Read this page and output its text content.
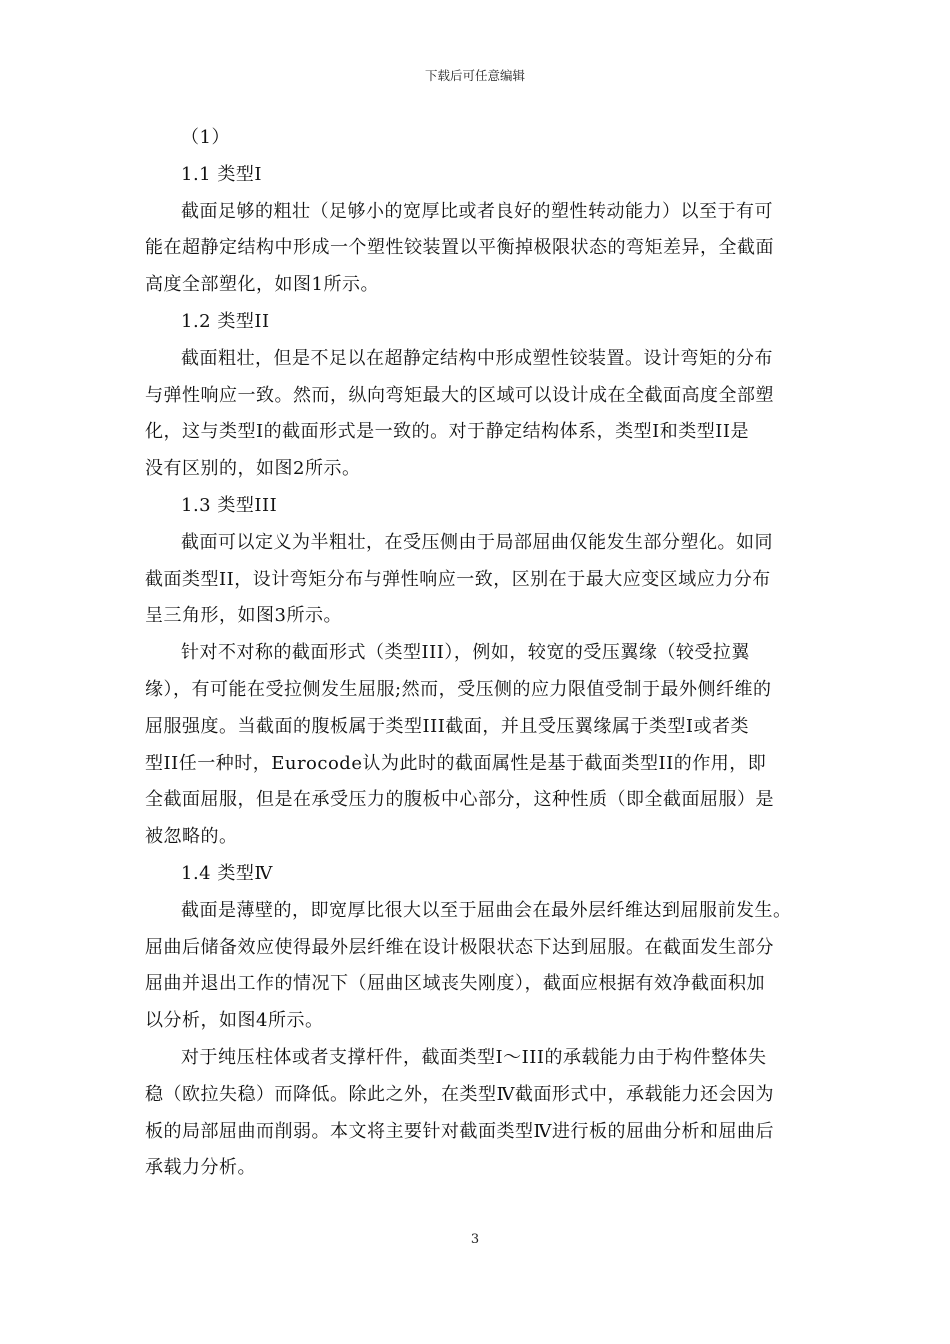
下载后可任意编辑
（1）
1.1 类型Ⅰ
截面足够的粗壮（足够小的宽厚比或者良好的塑性转动能力）以至于有可
能在超静定结构中形成一个塑性铰装置以平衡掉极限状态的弯矩差异，全截面
高度全部塑化，如图1所示。
1.2 类型II
截面粗壮，但是不足以在超静定结构中形成塑性铰装置。设计弯矩的分布
与弹性响应一致。然而，纵向弯矩最大的区域可以设计成在全截面高度全部塑
化，这与类型Ⅰ的截面形式是一致的。对于静定结构体系，类型Ⅰ和类型II是
没有区别的，如图2所示。
1.3 类型III
截面可以定义为半粗壮，在受压侧由于局部屈曲仅能发生部分塑化。如同
截面类型II，设计弯矩分布与弹性响应一致，区别在于最大应变区域应力分布
呈三角形，如图3所示。
针对不对称的截面形式（类型III），例如，较宽的受压翼缘（较受拉翼
缘），有可能在受拉侧发生屈服;然而，受压侧的应力限值受制于最外侧纤维的
屈服强度。当截面的腹板属于类型III截面，并且受压翼缘属于类型Ⅰ或者类
型II任一种时，Eurocode认为此时的截面属性是基于截面类型II的作用，即
全截面屈服，但是在承受压力的腹板中心部分，这种性质（即全截面屈服）是
被忽略的。
1.4 类型Ⅳ
截面是薄壁的，即宽厚比很大以至于屈曲会在最外层纤维达到屈服前发生。
屈曲后储备效应使得最外层纤维在设计极限状态下达到屈服。在截面发生部分
屈曲并退出工作的情况下（屈曲区域丧失刚度），截面应根据有效净截面积加
以分析，如图4所示。
对于纯压柱体或者支撑杆件，截面类型Ⅰ～III的承载能力由于构件整体失
稳（欧拉失稳）而降低。除此之外，在类型Ⅳ截面形式中，承载能力还会因为
板的局部屈曲而削弱。本文将主要针对截面类型Ⅳ进行板的屈曲分析和屈曲后
承载力分析。
3
